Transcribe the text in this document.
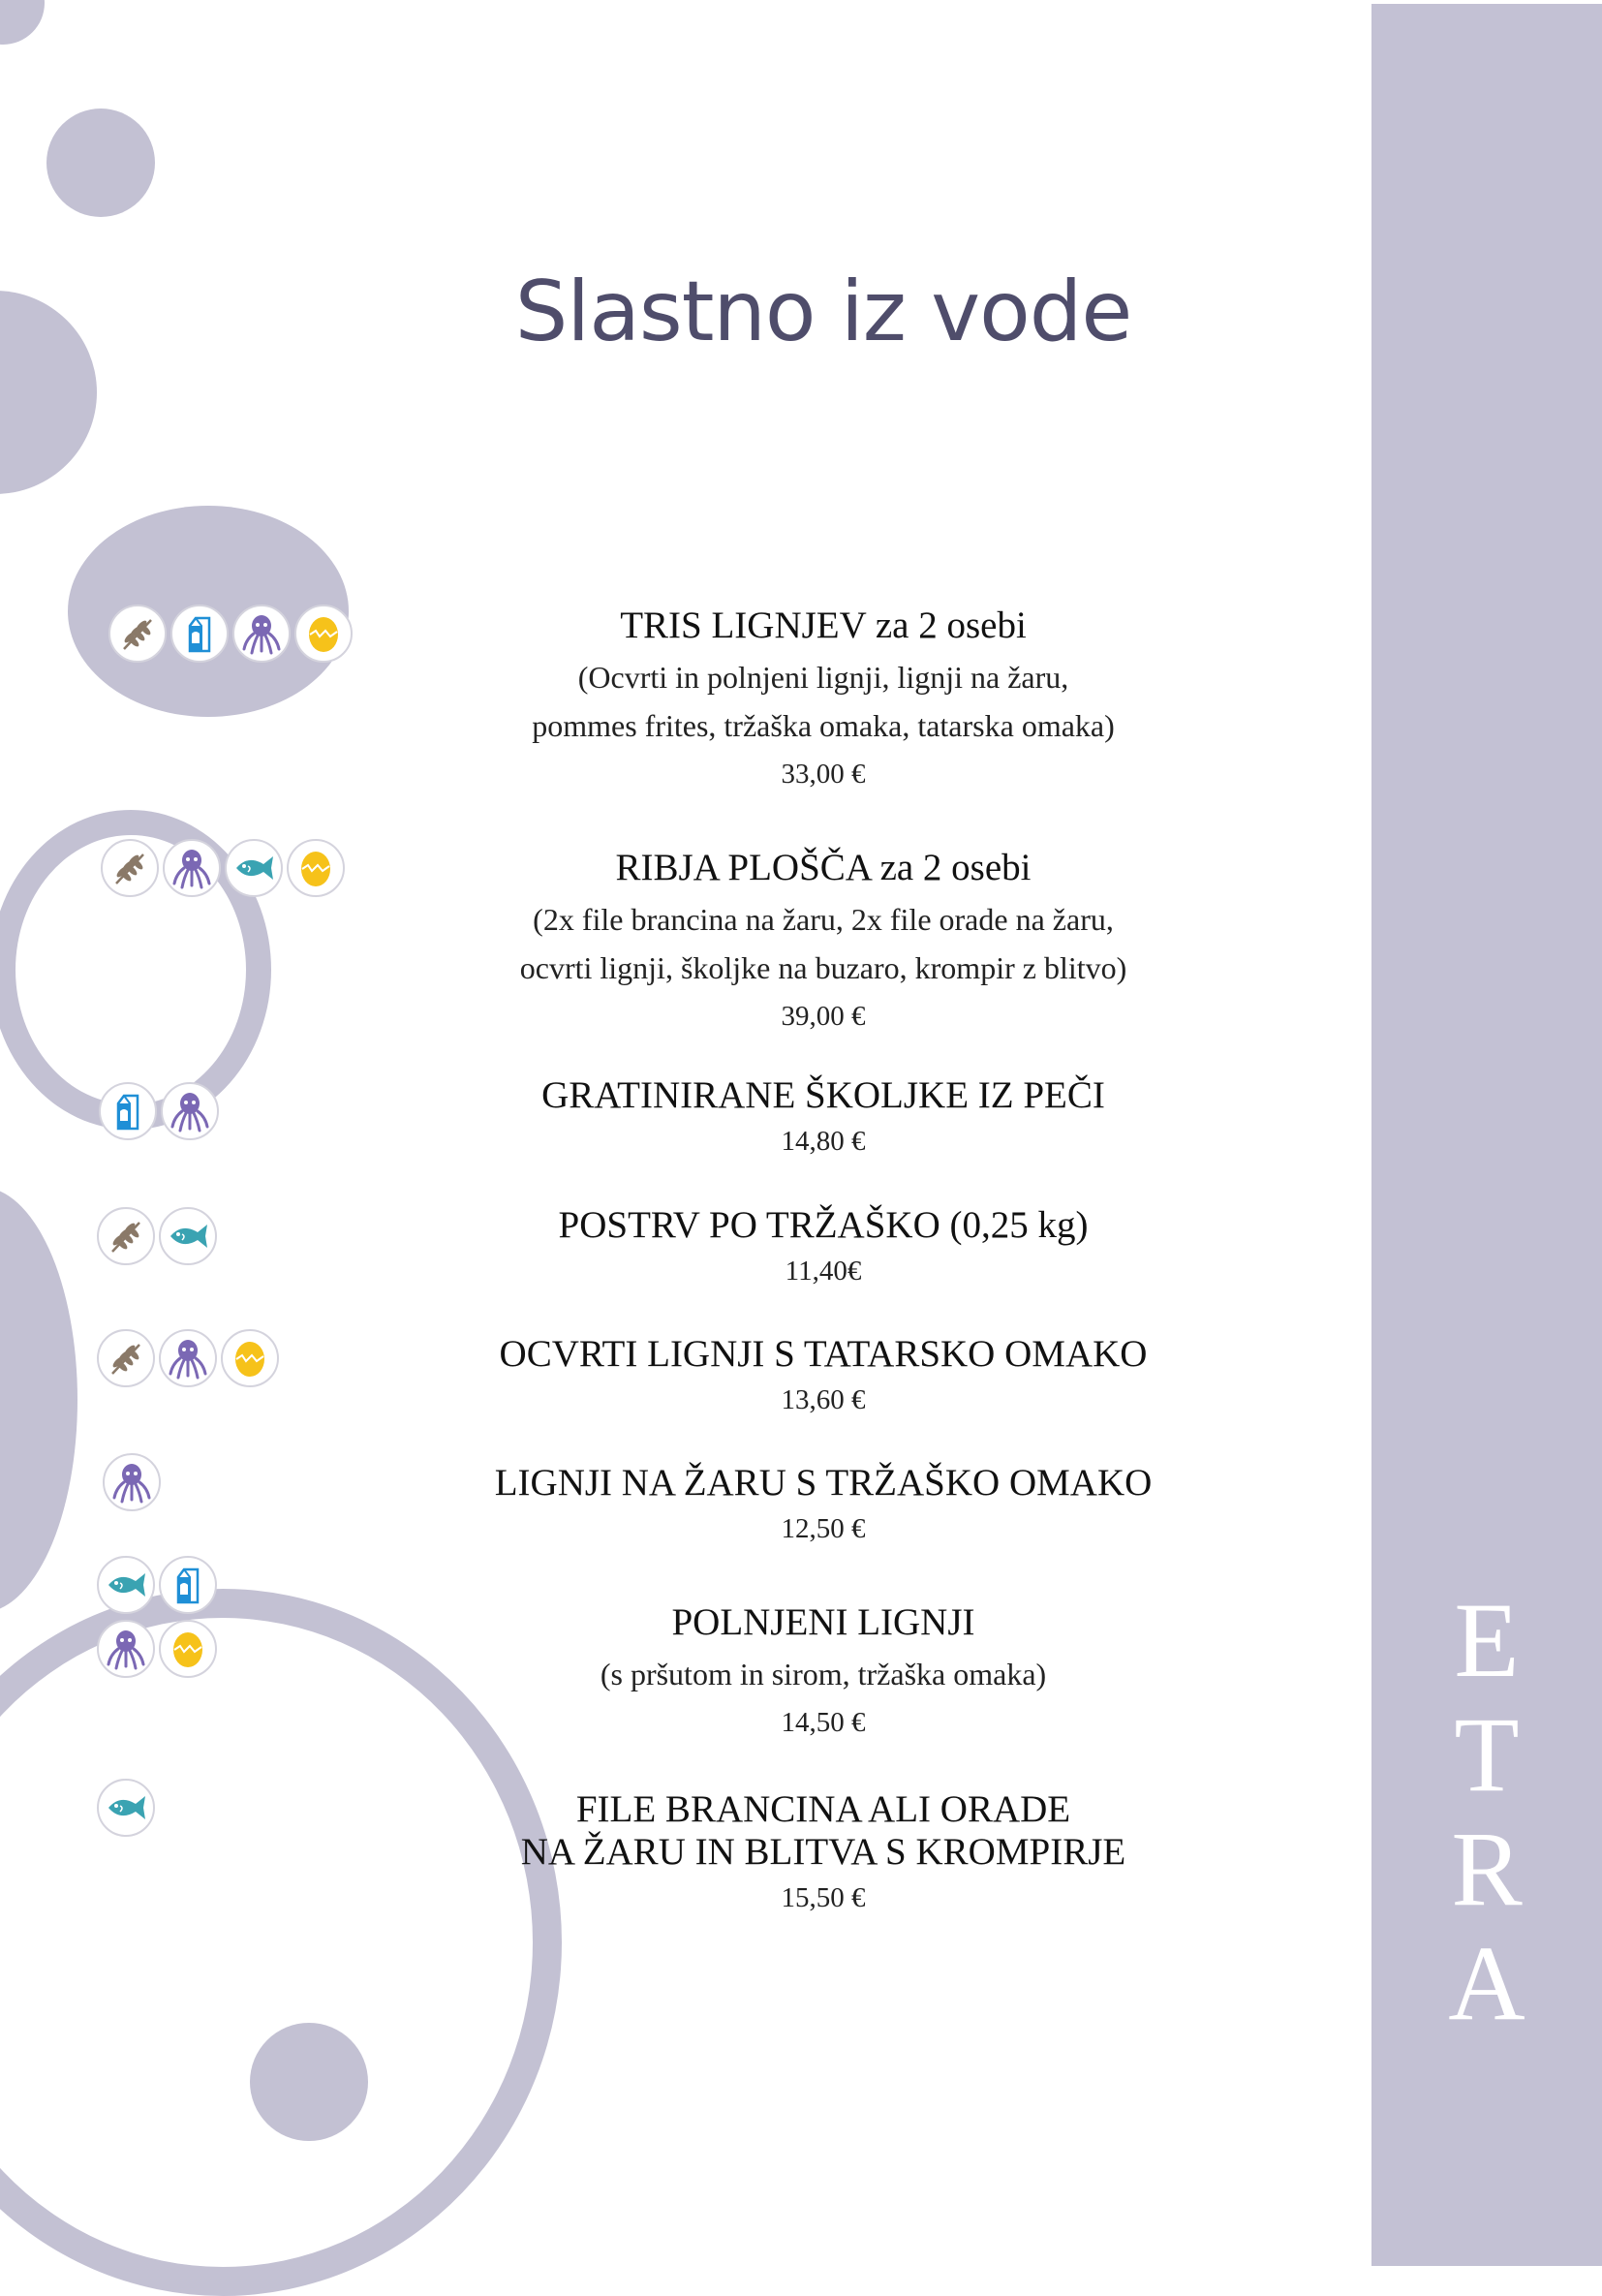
E
T
R
A
Slastno iz vode
TRIS LIGNJEV za 2 osebi
(Ocvrti in polnjeni lignji, lignji na žaru,
pommes frites, tržaška omaka, tatarska omaka)
33,00 €
RIBJA PLOŠČA za 2 osebi
(2x file brancina na žaru, 2x file orade na žaru,
ocvrti lignji, školjke na buzaro, krompir z blitvo)
39,00 €
GRATINIRANE ŠKOLJKE IZ PEČI
14,80 €
POSTRV PO TRŽAŠKO (0,25 kg)
11,40€
OCVRTI LIGNJI S TATARSKO OMAKO
13,60 €
LIGNJI NA ŽARU S TRŽAŠKO OMAKO
12,50 €
POLNJENI LIGNJI
(s pršutom in sirom, tržaška omaka)
14,50 €
FILE BRANCINA ALI ORADE
NA ŽARU IN BLITVA S KROMPIRJE
15,50 €
